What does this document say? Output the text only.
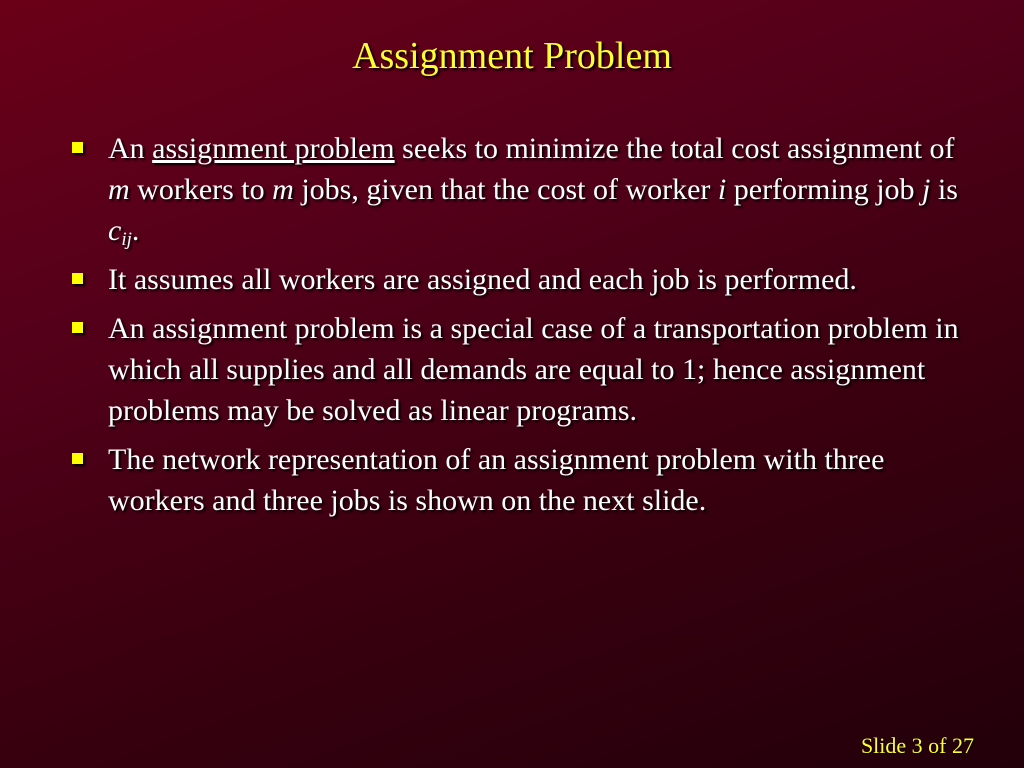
Assignment Problem
An assignment problem seeks to minimize the total cost assignment of m workers to m jobs, given that the cost of worker i performing job j is $c_{ij}$.
It assumes all workers are assigned and each job is performed.
An assignment problem is a special case of a transportation problem in which all supplies and all demands are equal to 1; hence assignment problems may be solved as linear programs.
The network representation of an assignment problem with three workers and three jobs is shown on the next slide.
Slide 3 of 27
